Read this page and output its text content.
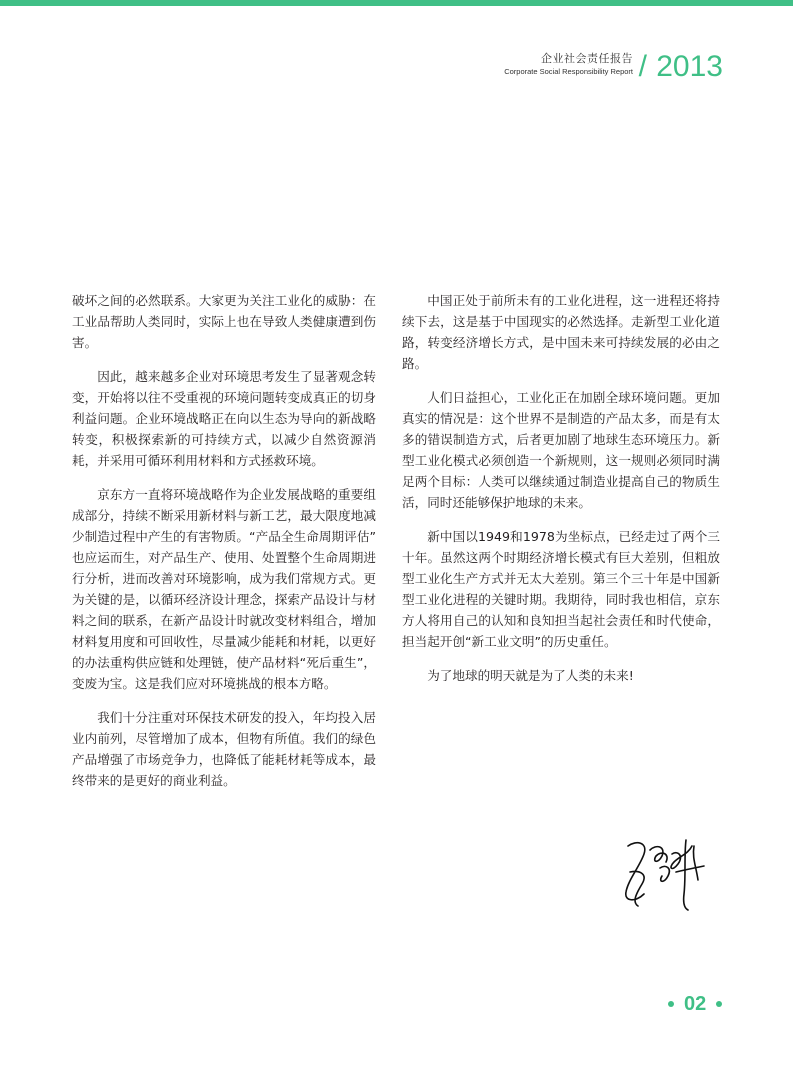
企业社会责任报告
Corporate Social Responsibility Report / 2013

破坏之间的必然联系。大家更为关注工业化的威胁：在工业品帮助人类同时，实际上也在导致人类健康遭到伤害。

因此，越来越多企业对环境思考发生了显著观念转变，开始将以往不受重视的环境问题转变成真正的切身利益问题。企业环境战略正在向以生态为导向的新战略转变，积极探索新的可持续方式，以减少自然资源消耗，并采用可循环利用材料和方式拯救环境。

京东方一直将环境战略作为企业发展战略的重要组成部分，持续不断采用新材料与新工艺，最大限度地减少制造过程中产生的有害物质。“产品全生命周期评估” 也应运而生，对产品生产、使用、处置整个生命周期进行分析，进而改善对环境影响，成为我们常规方式。更为关键的是，以循环经济设计理念，探索产品设计与材料之间的联系，在新产品设计时就改变材料组合，增加材料复用度和可回收性，尽量减少能耗和材耗，以更好的办法重构供应链和处理链，使产品材料“死后重生”，变废为宝。这是我们应对环境挑战的根本方略。

我们十分注重对环保技术研发的投入，年均投入居业内前列，尽管增加了成本，但物有所值。我们的绿色产品增强了市场竞争力，也降低了能耗材耗等成本，最终带来的是更好的商业利益。

中国正处于前所未有的工业化进程，这一进程还将持续下去，这是基于中国现实的必然选择。走新型工业化道路，转变经济增长方式，是中国未来可持续发展的必由之路。

人们日益担心，工业化正在加剧全球环境问题。更加真实的情况是：这个世界不是制造的产品太多，而是有太多的错误制造方式，后者更加剧了地球生态环境压力。新型工业化模式必须创造一个新规则，这一规则必须同时满足两个目标：人类可以继续通过制造业提高自己的物质生活，同时还能够保护地球的未来。

新中国以1949和1978为坐标点，已经走过了两个三十年。虽然这两个时期经济增长模式有巨大差别，但粗放型工业化生产方式并无太大差别。第三个三十年是中国新型工业化进程的关键时期。我期待，同时我也相信，京东方人将用自己的认知和良知担当起社会责任和时代使命，担当起开创“新工业文明”的历史重任。

为了地球的明天就是为了人类的未来!

02
